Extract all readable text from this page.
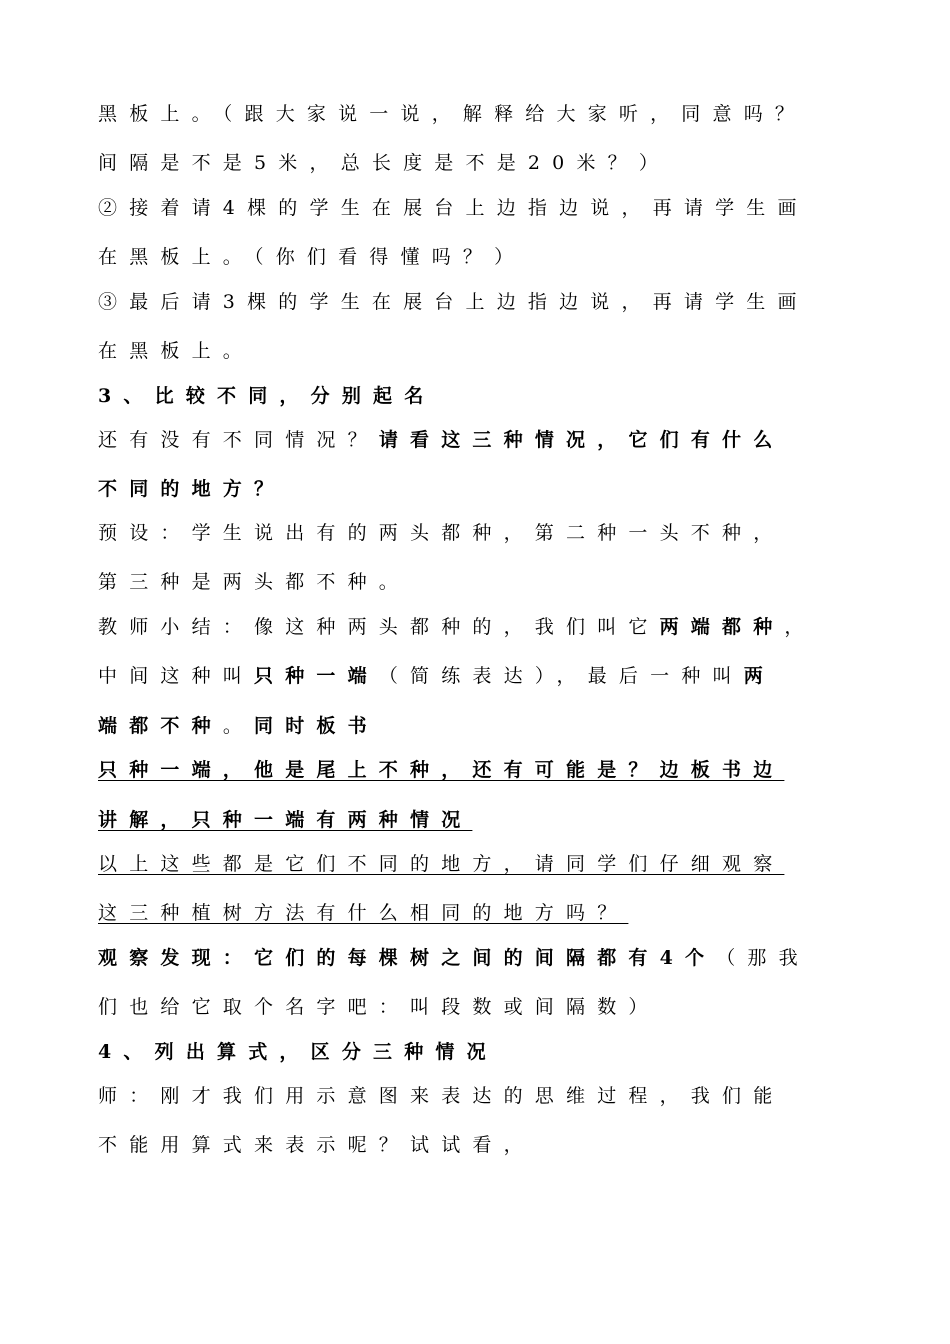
黑板上。（跟大家说一说，解释给大家听，同意吗？
间隔是不是5米，总长度是不是20米？）
②接着请4棵的学生在展台上边指边说，再请学生画
在黑板上。（你们看得懂吗？）
③最后请3棵的学生在展台上边指边说，再请学生画
在黑板上。
3、比较不同，分别起名
还有没有不同情况？请看这三种情况，它们有什么
不同的地方？
预设：学生说出有的两头都种，第二种一头不种，
第三种是两头都不种。
教师小结：像这种两头都种的，我们叫它两端都种，
中间这种叫只种一端（简练表达），最后一种叫两
端都不种。同时板书
只种一端，他是尾上不种，还有可能是？边板书边
讲解，只种一端有两种情况
以上这些都是它们不同的地方，请同学们仔细观察
这三种植树方法有什么相同的地方吗？
观察发现：它们的每棵树之间的间隔都有4个（那我
们也给它取个名字吧：叫段数或间隔数）
4、列出算式，区分三种情况
师：刚才我们用示意图来表达的思维过程，我们能
不能用算式来表示呢？试试看，
